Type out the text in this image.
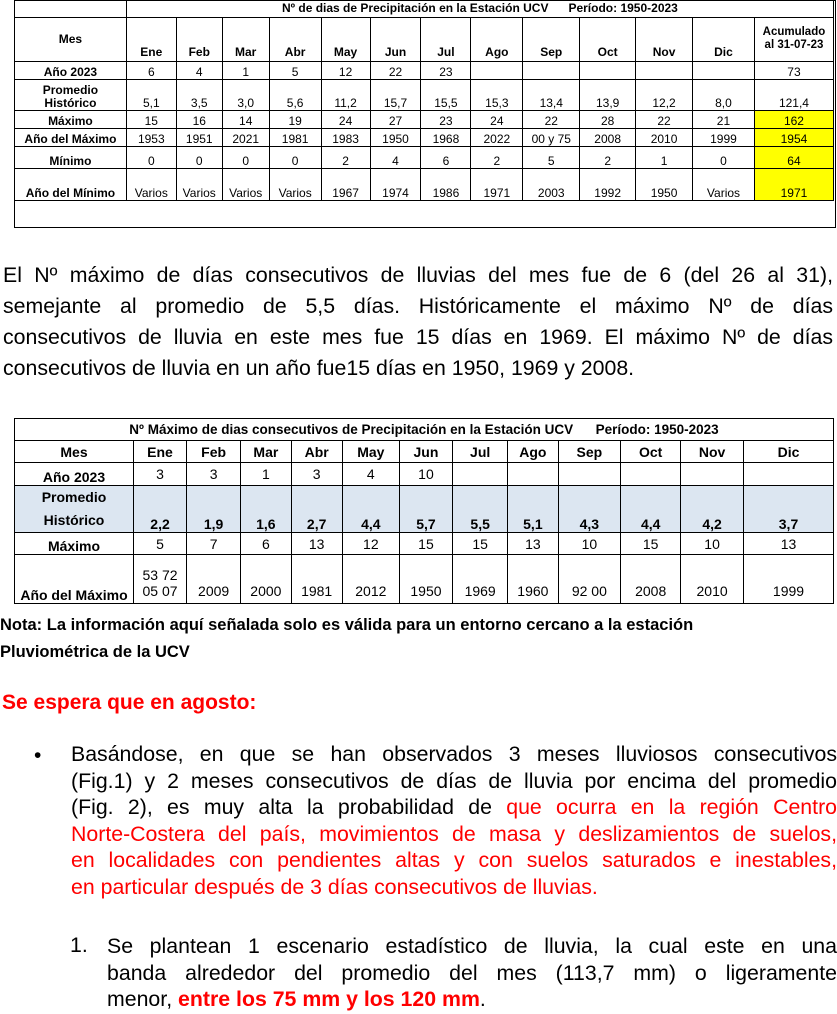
	Nº de dias de Precipitación en la Estación UCV      Período: 1950-2023												
Mes	Ene	Feb	Mar	Abr	May	Jun	Jul	Ago	Sep	Oct	Nov	Dic	Acumulado
al 31-07-23

Año 2023	6	4	1	5	12	22	23						73

Promedio
Histórico	5,1	3,5	3,0	5,6	11,2	15,7	15,5	15,3	13,4	13,9	12,2	8,0	121,4

Máximo	15	16	14	19	24	27	23	24	22	28	22	21	162

Año del Máximo	1953	1951	2021	1981	1983	1950	1968	2022	00 y 75	2008	2010	1999	1954

Mínimo	0	0	0	0	2	4	6	2	5	2	1	0	64

Año del Mínimo	Varios	Varios	Varios	Varios	1967	1974	1986	1971	2003	1992	1950	Varios	1971
El Nº máximo de días consecutivos de lluvias del mes fue de 6 (del 26 al 31),
semejante al promedio de 5,5 días. Históricamente el máximo Nº de días
consecutivos de lluvia en este mes fue 15 días en 1969. El máximo Nº de días
consecutivos de lluvia en un año fue15 días en 1950, 1969 y 2008.
Nº Máximo de dias consecutivos de Precipitación en la Estación UCV      Período: 1950-2023												
Mes	Ene	Feb	Mar	Abr	May	Jun	Jul	Ago	Sep	Oct	Nov	Dic

Año 2023	3	3	1	3	4	10						

Promedio
Histórico	2,2	1,9	1,6	2,7	4,4	5,7	5,5	5,1	4,3	4,4	4,2	3,7

Máximo	5	7	6	13	12	15	15	13	10	15	10	13

Año del Máximo	53 72
05 07	2009	2000	1981	2012	1950	1969	1960	92 00	2008	2010	1999
Nota: La información aquí señalada solo es válida para un entorno cercano a la estación
Pluviométrica de la UCV
Se espera que en agosto:
• Basándose, en que se han observados 3 meses lluviosos consecutivos
(Fig.1) y 2 meses consecutivos de días de lluvia por encima del promedio
(Fig. 2), es muy alta la probabilidad de que ocurra en la región Centro
Norte-Costera del país, movimientos de masa y deslizamientos de suelos,
en localidades con pendientes altas y con suelos saturados e inestables,
en particular después de 3 días consecutivos de lluvias.
1. Se plantean 1 escenario estadístico de lluvia, la cual este en una
banda alrededor del promedio del mes (113,7 mm) o ligeramente
menor, entre los 75 mm y los 120 mm.
